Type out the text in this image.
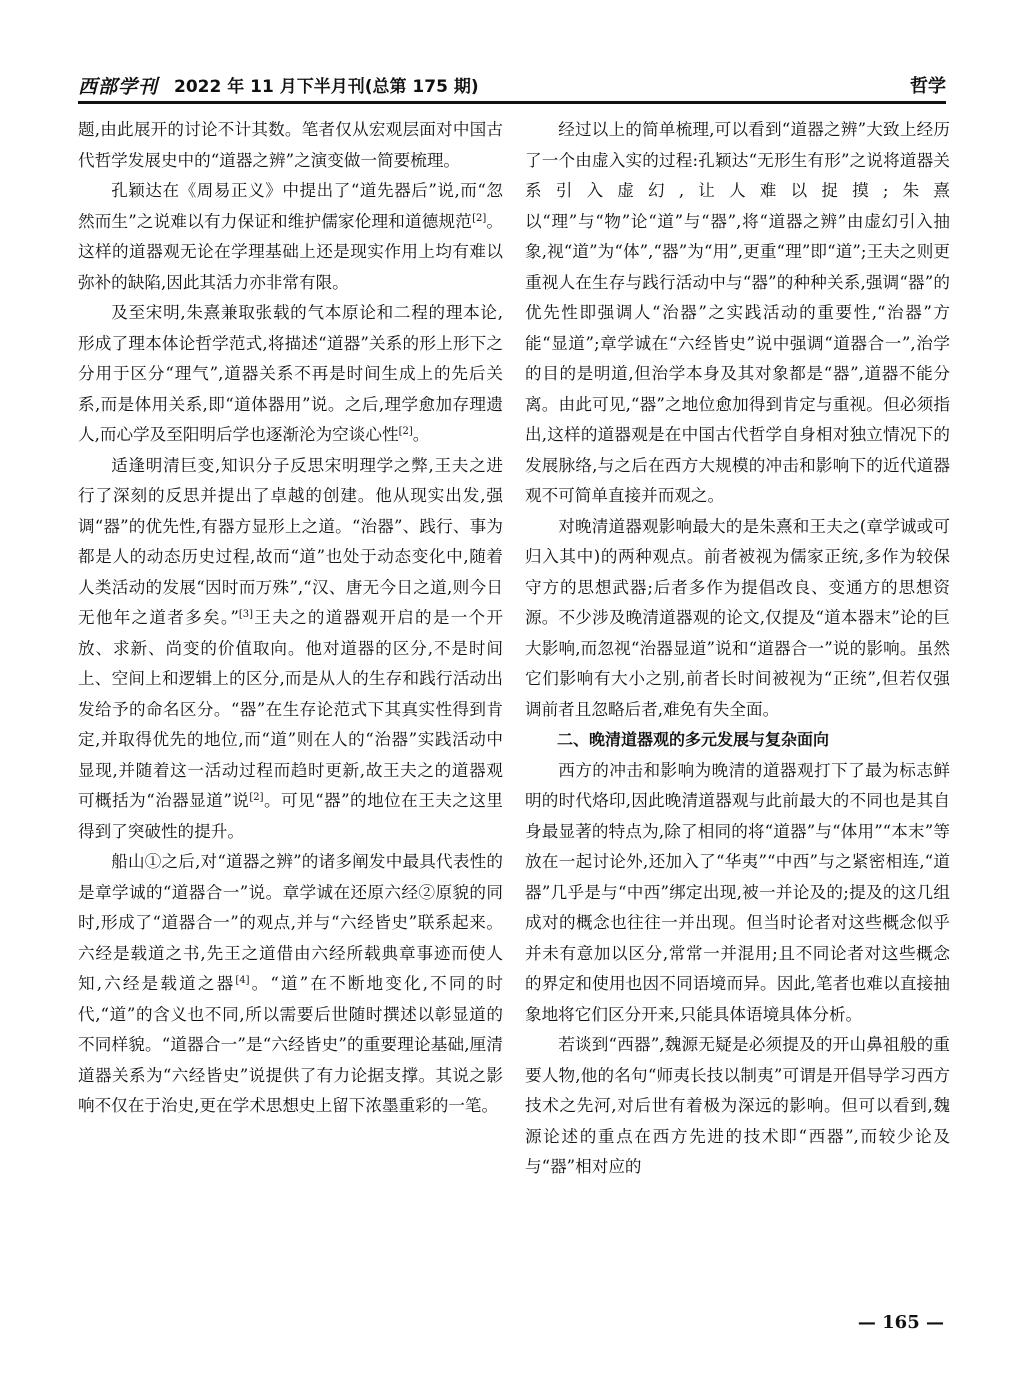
西部学刊 2022 年 11 月下半月刊(总第 175 期)	哲学

题,由此展开的讨论不计其数。笔者仅从宏观层面对中国古代哲学发展史中的“道器之辨”之演变做一简要梳理。

孔颖达在《周易正义》中提出了“道先器后”说,而“忽然而生”之说难以有力保证和维护儒家伦理和道德规范[2]。这样的道器观无论在学理基础上还是现实作用上均有难以弥补的缺陷,因此其活力亦非常有限。

及至宋明,朱熹兼取张载的气本原论和二程的理本论,形成了理本体论哲学范式,将描述“道器”关系的形上形下之分用于区分“理气”,道器关系不再是时间生成上的先后关系,而是体用关系,即“道体器用”说。之后,理学愈加存理遗人,而心学及至阳明后学也逐渐沦为空谈心性[2]。

适逢明清巨变,知识分子反思宋明理学之弊,王夫之进行了深刻的反思并提出了卓越的创建。他从现实出发,强调“器”的优先性,有器方显形上之道。“治器”、践行、事为都是人的动态历史过程,故而“道”也处于动态变化中,随着人类活动的发展“因时而万殊”,“汉、唐无今日之道,则今日无他年之道者多矣。”[3]王夫之的道器观开启的是一个开放、求新、尚变的价值取向。他对道器的区分,不是时间上、空间上和逻辑上的区分,而是从人的生存和践行活动出发给予的命名区分。“器”在生存论范式下其真实性得到肯定,并取得优先的地位,而“道”则在人的“治器”实践活动中显现,并随着这一活动过程而趋时更新,故王夫之的道器观可概括为“治器显道”说[2]。可见“器”的地位在王夫之这里得到了突破性的提升。

船山①之后,对“道器之辨”的诸多阐发中最具代表性的是章学诚的“道器合一”说。章学诚在还原六经②原貌的同时,形成了“道器合一”的观点,并与“六经皆史”联系起来。六经是载道之书,先王之道借由六经所载典章事迹而使人知,六经是载道之器[4]。“道”在不断地变化,不同的时代,“道”的含义也不同,所以需要后世随时撰述以彰显道的不同样貌。“道器合一”是“六经皆史”的重要理论基础,厘清道器关系为“六经皆史”说提供了有力论据支撑。其说之影响不仅在于治史,更在学术思想史上留下浓墨重彩的一笔。

经过以上的简单梳理,可以看到“道器之辨”大致上经历了一个由虚入实的过程:孔颖达“无形生有形”之说将道器关系引入虚幻,让人难以捉摸;朱熹以“理”与“物”论“道”与“器”,将“道器之辨”由虚幻引入抽象,视“道”为“体”,“器”为“用”,更重“理”即“道”;王夫之则更重视人在生存与践行活动中与“器”的种种关系,强调“器”的优先性即强调人“治器”之实践活动的重要性,“治器”方能“显道”;章学诚在“六经皆史”说中强调“道器合一”,治学的目的是明道,但治学本身及其对象都是“器”,道器不能分离。由此可见,“器”之地位愈加得到肯定与重视。但必须指出,这样的道器观是在中国古代哲学自身相对独立情况下的发展脉络,与之后在西方大规模的冲击和影响下的近代道器观不可简单直接并而观之。

对晚清道器观影响最大的是朱熹和王夫之(章学诚或可归入其中)的两种观点。前者被视为儒家正统,多作为较保守方的思想武器;后者多作为提倡改良、变通方的思想资源。不少涉及晚清道器观的论文,仅提及“道本器末”论的巨大影响,而忽视“治器显道”说和“道器合一”说的影响。虽然它们影响有大小之别,前者长时间被视为“正统”,但若仅强调前者且忽略后者,难免有失全面。

二、晚清道器观的多元发展与复杂面向

西方的冲击和影响为晚清的道器观打下了最为标志鲜明的时代烙印,因此晚清道器观与此前最大的不同也是其自身最显著的特点为,除了相同的将“道器”与“体用”“本末”等放在一起讨论外,还加入了“华夷”“中西”与之紧密相连,“道器”几乎是与“中西”绑定出现,被一并论及的;提及的这几组成对的概念也往往一并出现。但当时论者对这些概念似乎并未有意加以区分,常常一并混用;且不同论者对这些概念的界定和使用也因不同语境而异。因此,笔者也难以直接抽象地将它们区分开来,只能具体语境具体分析。

若谈到“西器”,魏源无疑是必须提及的开山鼻祖般的重要人物,他的名句“师夷长技以制夷”可谓是开倡导学习西方技术之先河,对后世有着极为深远的影响。但可以看到,魏源论述的重点在西方先进的技术即“西器”,而较少论及与“器”相对应的

— 165 —
